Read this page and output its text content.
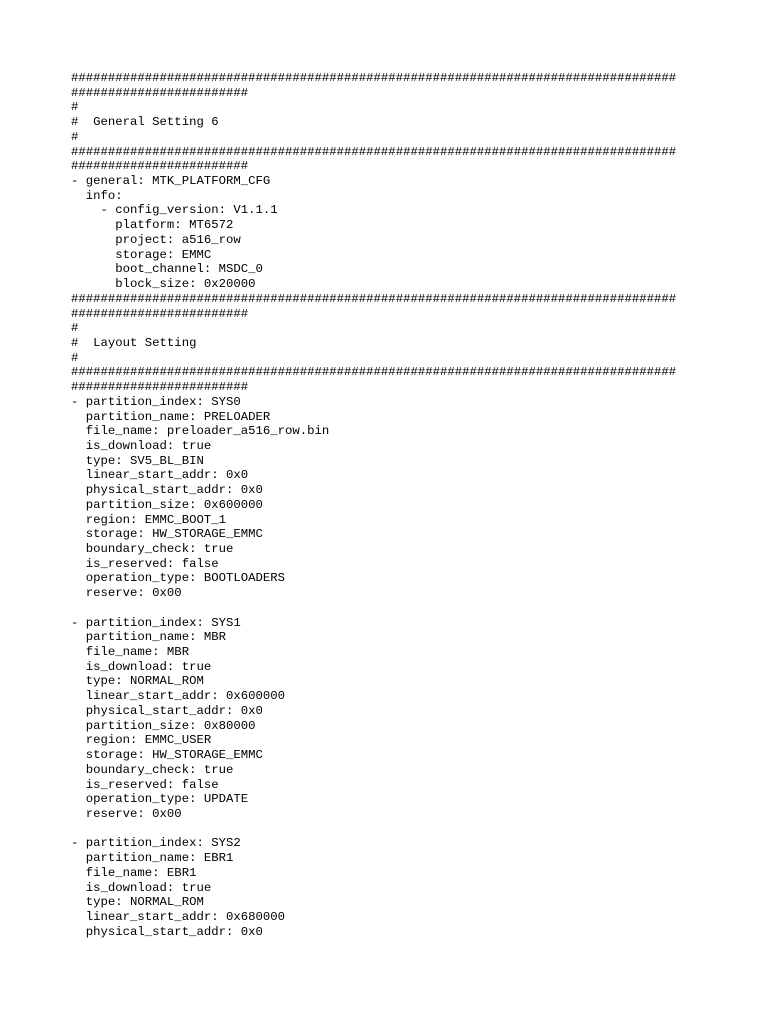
##################################################################################
########################
#
#  General Setting 6
#
##################################################################################
########################
- general: MTK_PLATFORM_CFG
info:
- config_version: V1.1.1
platform: MT6572
project: a516_row
storage: EMMC
boot_channel: MSDC_0
block_size: 0x20000
##################################################################################
########################
#
#  Layout Setting
#
##################################################################################
########################
- partition_index: SYS0
partition_name: PRELOADER
file_name: preloader_a516_row.bin
is_download: true
type: SV5_BL_BIN
linear_start_addr: 0x0
physical_start_addr: 0x0
partition_size: 0x600000
region: EMMC_BOOT_1
storage: HW_STORAGE_EMMC
boundary_check: true
is_reserved: false
operation_type: BOOTLOADERS
reserve: 0x00
- partition_index: SYS1
partition_name: MBR
file_name: MBR
is_download: true
type: NORMAL_ROM
linear_start_addr: 0x600000
physical_start_addr: 0x0
partition_size: 0x80000
region: EMMC_USER
storage: HW_STORAGE_EMMC
boundary_check: true
is_reserved: false
operation_type: UPDATE
reserve: 0x00
- partition_index: SYS2
partition_name: EBR1
file_name: EBR1
is_download: true
type: NORMAL_ROM
linear_start_addr: 0x680000
physical_start_addr: 0x0
